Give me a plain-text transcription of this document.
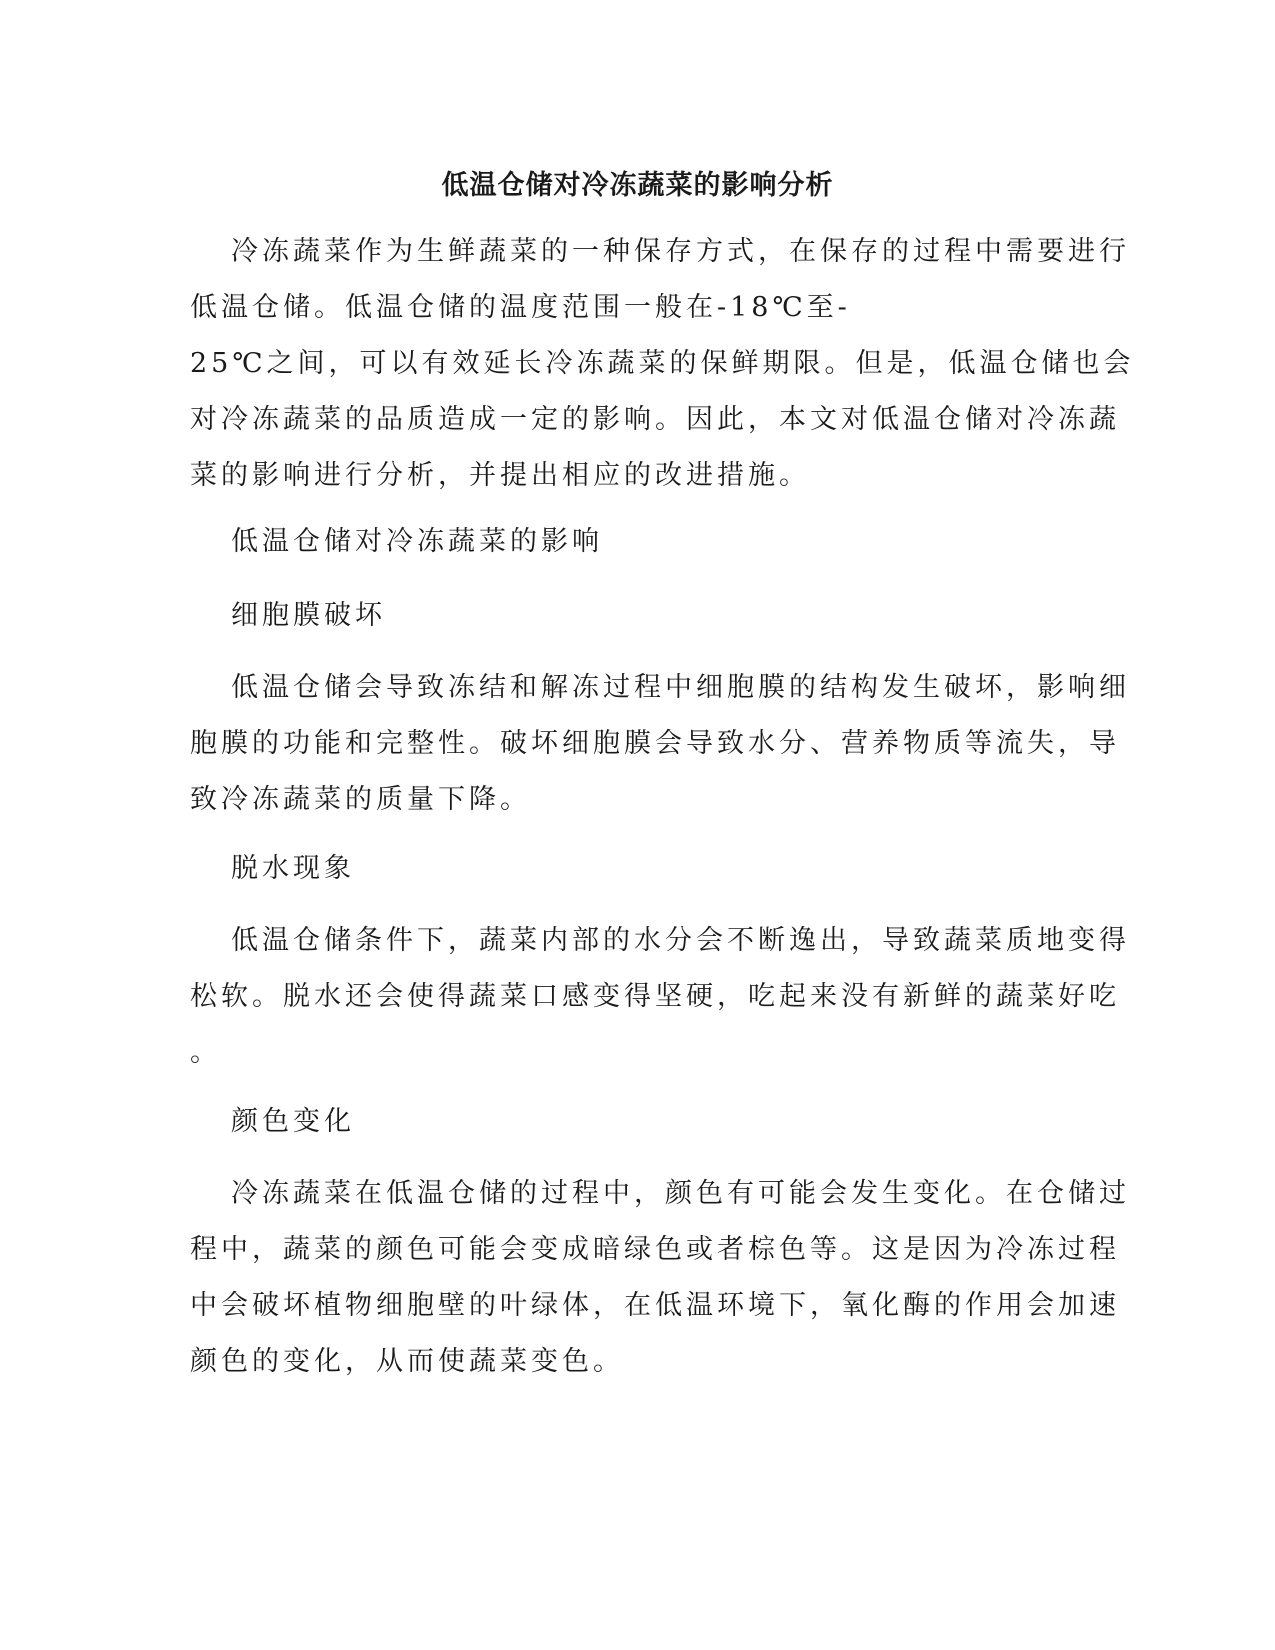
低温仓储对冷冻蔬菜的影响分析

冷冻蔬菜作为生鲜蔬菜的一种保存方式，在保存的过程中需要进行
低温仓储。低温仓储的温度范围一般在-18℃至-
25℃之间，可以有效延长冷冻蔬菜的保鲜期限。但是，低温仓储也会
对冷冻蔬菜的品质造成一定的影响。因此，本文对低温仓储对冷冻蔬
菜的影响进行分析，并提出相应的改进措施。

低温仓储对冷冻蔬菜的影响
细胞膜破坏

低温仓储会导致冻结和解冻过程中细胞膜的结构发生破坏，影响细
胞膜的功能和完整性。破坏细胞膜会导致水分、营养物质等流失，导
致冷冻蔬菜的质量下降。

脱水现象

低温仓储条件下，蔬菜内部的水分会不断逸出，导致蔬菜质地变得
松软。脱水还会使得蔬菜口感变得坚硬，吃起来没有新鲜的蔬菜好吃
。

颜色变化

冷冻蔬菜在低温仓储的过程中，颜色有可能会发生变化。在仓储过
程中，蔬菜的颜色可能会变成暗绿色或者棕色等。这是因为冷冻过程
中会破坏植物细胞壁的叶绿体，在低温环境下，氧化酶的作用会加速
颜色的变化，从而使蔬菜变色。
